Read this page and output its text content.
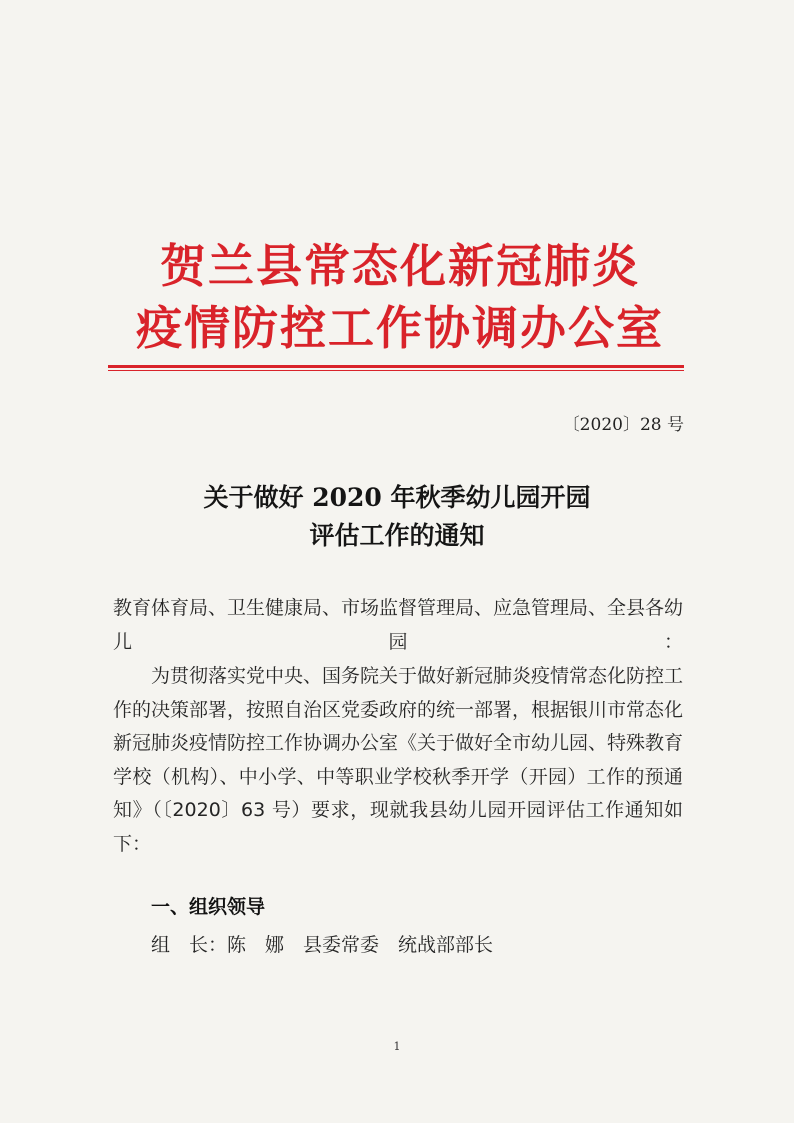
贺兰县常态化新冠肺炎
疫情防控工作协调办公室
〔2020〕28 号
关于做好 2020 年秋季幼儿园开园
评估工作的通知
教育体育局、卫生健康局、市场监督管理局、应急管理局、全县各幼儿园：
为贯彻落实党中央、国务院关于做好新冠肺炎疫情常态化防控工作的决策部署，按照自治区党委政府的统一部署，根据银川市常态化新冠肺炎疫情防控工作协调办公室《关于做好全市幼儿园、特殊教育学校（机构）、中小学、中等职业学校秋季开学（开园）工作的预通知》（〔2020〕63 号）要求，现就我县幼儿园开园评估工作通知如下：
一、组织领导
组　长：陈　娜　县委常委　统战部部长
1
